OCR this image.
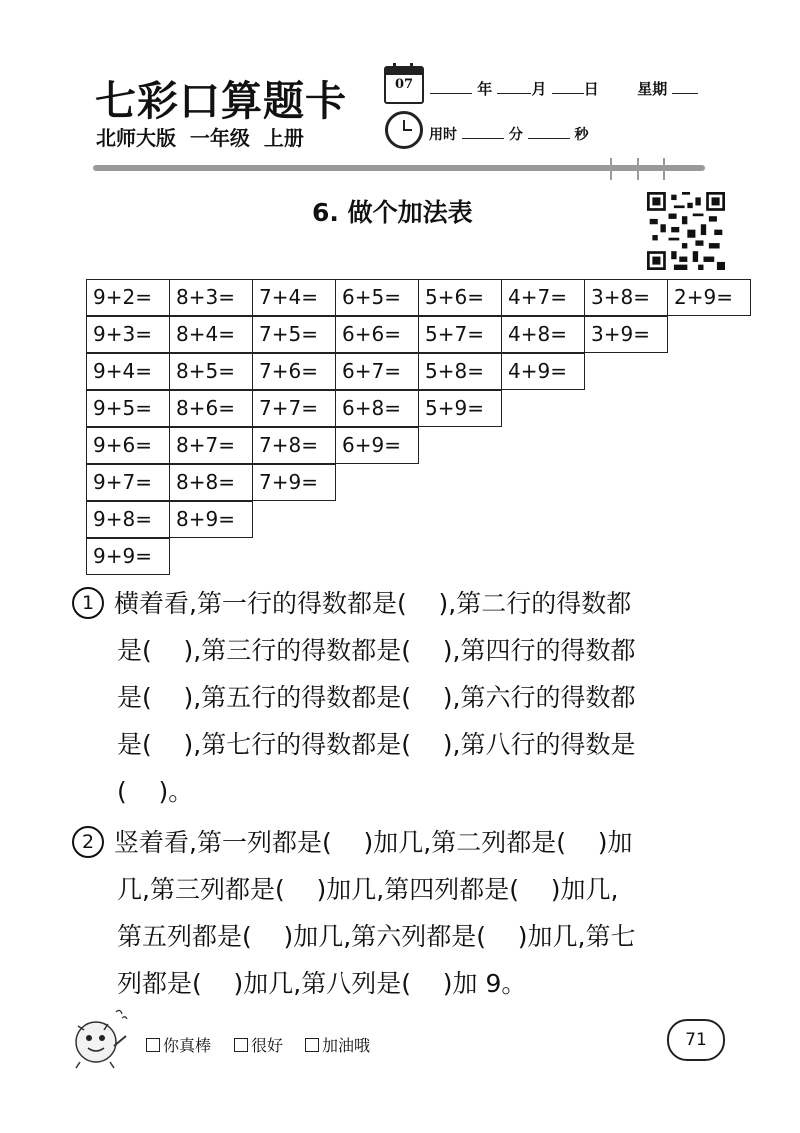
七彩口算题卡
北师大版  一年级  上册
07	年	月 日	星期
用时	分	秒
6. 做个加法表
9+2=	8+3=	7+4=	6+5=	5+6=	4+7=	3+8=	2+9=
9+3=	8+4=	7+5=	6+6=	5+7=	4+8=	3+9=
9+4=	8+5=	7+6=	6+7=	5+8=	4+9=
9+5=	8+6=	7+7=	6+8=	5+9=
9+6=	8+7=	7+8=	6+9=
9+7=	8+8=	7+9=
9+8=	8+9=
9+9=
1 横着看,第一行的得数都是(    ),第二行的得数都
是(    ),第三行的得数都是(    ),第四行的得数都
是(    ),第五行的得数都是(    ),第六行的得数都
是(    ),第七行的得数都是(    ),第八行的得数是
(    )。
2 竖着看,第一列都是(    )加几,第二列都是(    )加
几,第三列都是(    )加几,第四列都是(    )加几,
第五列都是(    )加几,第六列都是(    )加几,第七
列都是(    )加几,第八列是(    )加 9。
你真棒	很好	加油哦	71
